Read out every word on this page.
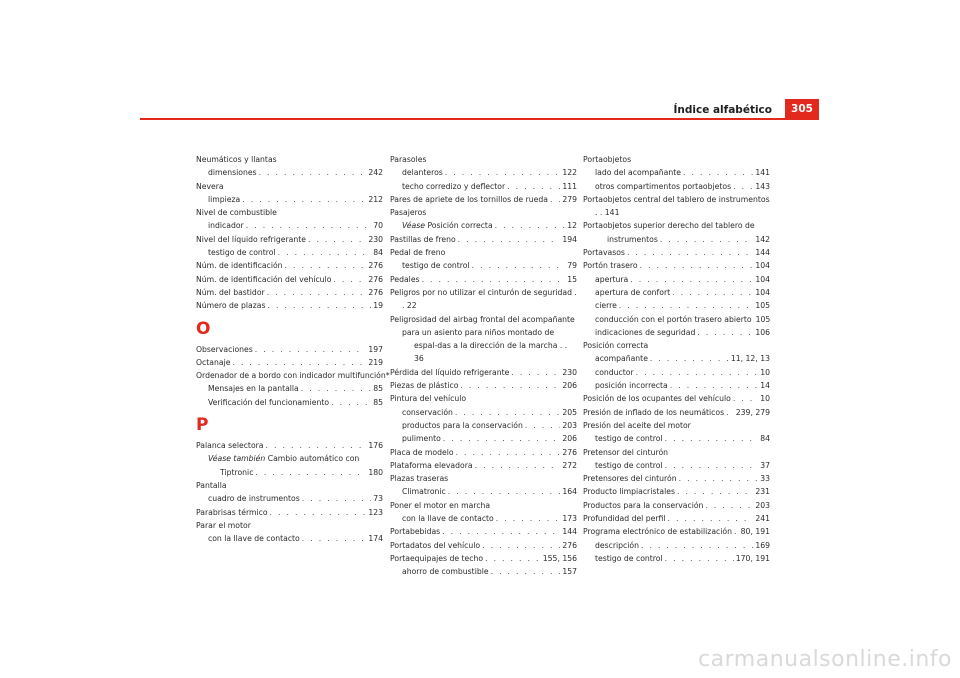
Índice alfabético	305
Neumáticos y llantas
dimensiones . . .	242
Nevera
limpieza . . .	212
Nivel de combustible
indicador . . .	70
Nivel del líquido refrigerante . . .	230
testigo de control . . .	84
Núm. de identificación . . .	276
Núm. de identificación del vehículo . . .	276
Núm. del bastidor . . .	276
Número de plazas . . .	19
O
Observaciones . . .	197
Octanaje . . .	219
Ordenador de a bordo con indicador multifunción*
Mensajes en la pantalla . . .	85
Verificación del funcionamiento . . .	85
P
Palanca selectora . . .	176
Véase también Cambio automático con
Tiptronic . . .	180
Pantalla
cuadro de instrumentos . . .	73
Parabrisas térmico . . .	123
Parar el motor
con la llave de contacto . . .	174
Parasoles
delanteros . . .	122
techo corredizo y deflector . . .	111
Pares de apriete de los tornillos de rueda . . . 279
Pasajeros
Véase Posición correcta . . .	12
Pastillas de freno . . .	194
Pedal de freno
testigo de control . . .	79
Pedales . . .	15
Peligros por no utilizar el cinturón de seguridad . . 22
Peligrosidad del airbag frontal del acompañante
para un asiento para niños montado de espal-das a la dirección de la marcha . . 36
Pérdida del líquido refrigerante . . .	230
Piezas de plástico . . .	206
Pintura del vehículo
conservación . . .	205
productos para la conservación . . .	203
pulimento . . .	206
Placa de modelo . . .	276
Plataforma elevadora . . .	272
Plazas traseras
Climatronic . . .	164
Poner el motor en marcha
con la llave de contacto . . .	173
Portabebidas . . .	144
Portadatos del vehículo . . .	276
Portaequipajes de techo . . .	155, 156
ahorro de combustible . . .	157
Portaobjetos
lado del acompañante . . .	141
otros compartimentos portaobjetos . . .	143
Portaobjetos central del tablero de instrumentos . . 141
Portaobjetos superior derecho del tablero de
instrumentos . . .	142
Portavasos . . .	144
Portón trasero . . .	104
apertura . . .	104
apertura de confort . . .	104
cierre . . .	105
conducción con el portón trasero abierto 105
indicaciones de seguridad . . .	106
Posición correcta
acompañante . . .	11, 12, 13
conductor . . .	10
posición incorrecta . . .	14
Posición de los ocupantes del vehículo . . .	10
Presión de inflado de los neumáticos . . . 239, 279
Presión del aceite del motor
testigo de control . . .	84
Pretensor del cinturón
testigo de control . . .	37
Pretensores del cinturón . . .	33
Producto limpiacristales . . .	231
Productos para la conservación . . .	203
Profundidad del perfil . . .	241
Programa electrónico de estabilización . . . 80, 191
descripción . . .	169
testigo de control . . .	170, 191
carmanualsonline.info
